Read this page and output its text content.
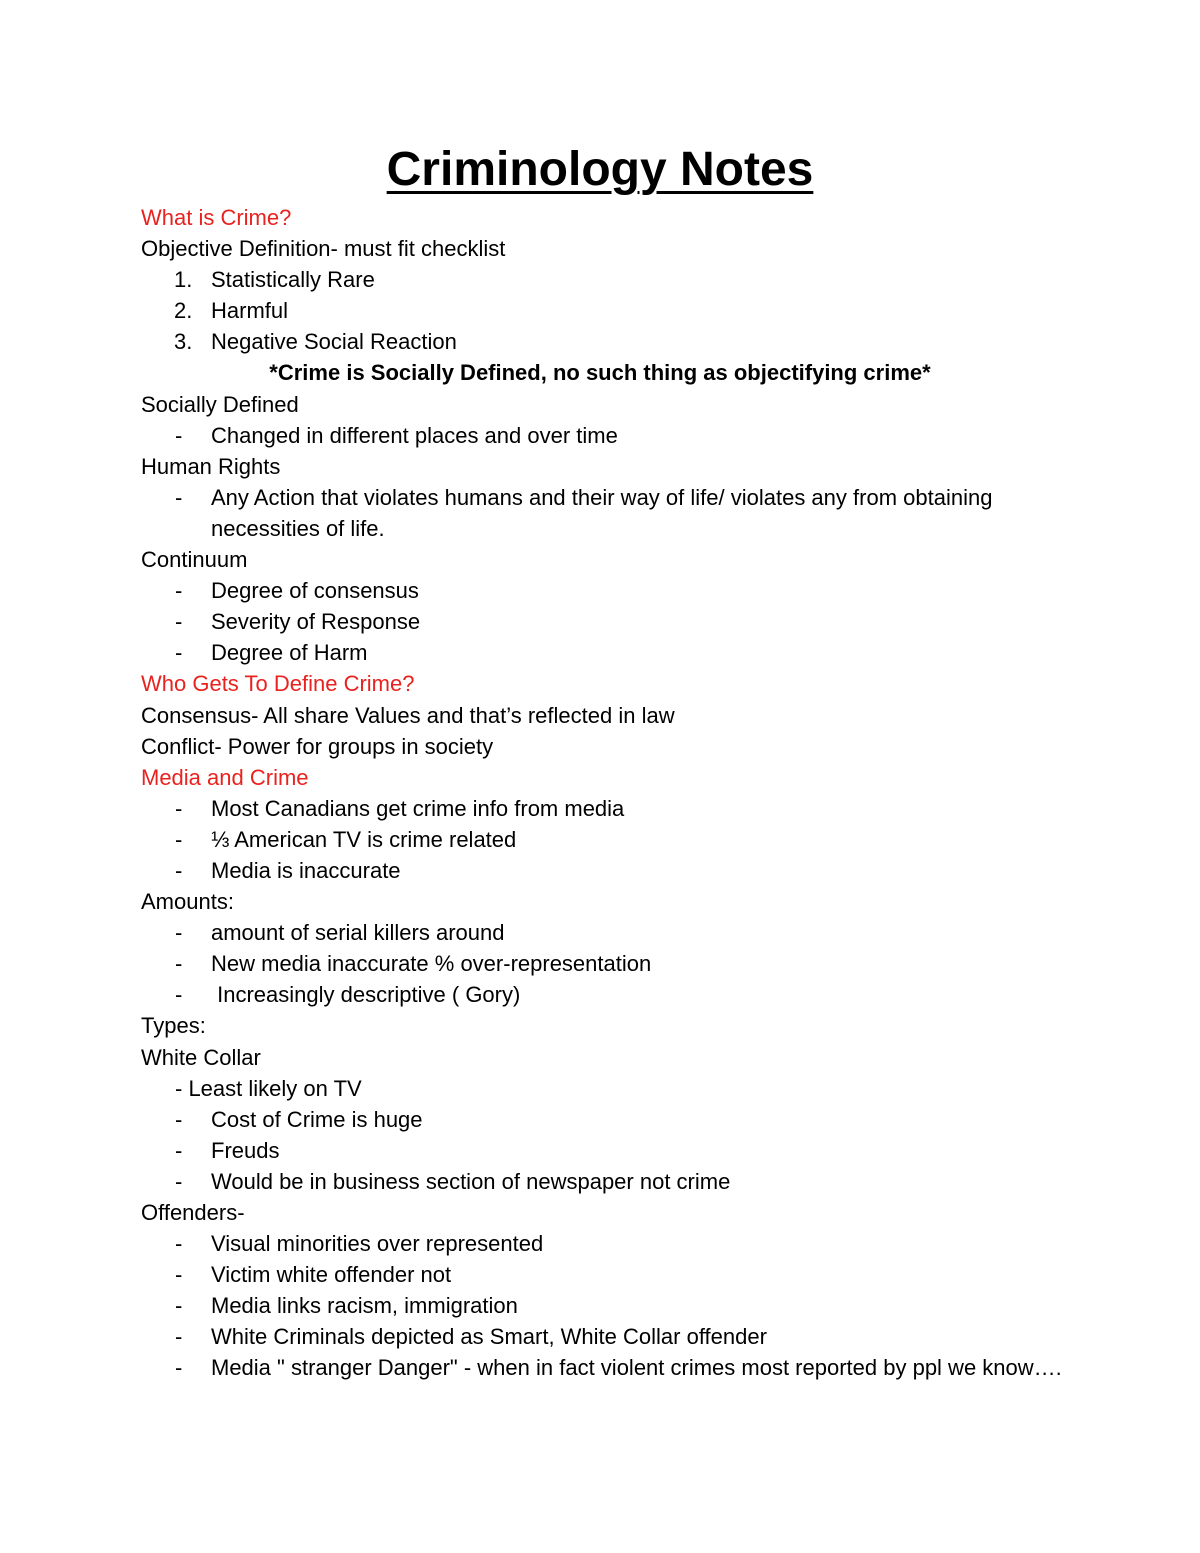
Criminology Notes
What is Crime?
Objective Definition- must fit checklist
1. Statistically Rare
2. Harmful
3. Negative Social Reaction
*Crime is Socially Defined, no such thing as objectifying crime*
Socially Defined
- Changed in different places and over time
Human Rights
- Any Action that violates humans and their way of life/ violates any from obtaining necessities of life.
Continuum
- Degree of consensus
- Severity of Response
- Degree of Harm
Who Gets To Define Crime?
Consensus- All share Values and that’s reflected in law
Conflict- Power for groups in society
Media and Crime
- Most Canadians get crime info from media
- ⅓ American TV is crime related
- Media is inaccurate
Amounts:
- amount of serial killers around
- New media inaccurate % over-representation
- Increasingly descriptive ( Gory)
Types:
White Collar
- Least likely on TV
- Cost of Crime is huge
- Freuds
- Would be in business section of newspaper not crime
Offenders-
- Visual minorities over represented
- Victim white offender not
- Media links racism, immigration
- White Criminals depicted as Smart, White Collar offender
- Media " stranger Danger" - when in fact violent crimes most reported by ppl we know….
